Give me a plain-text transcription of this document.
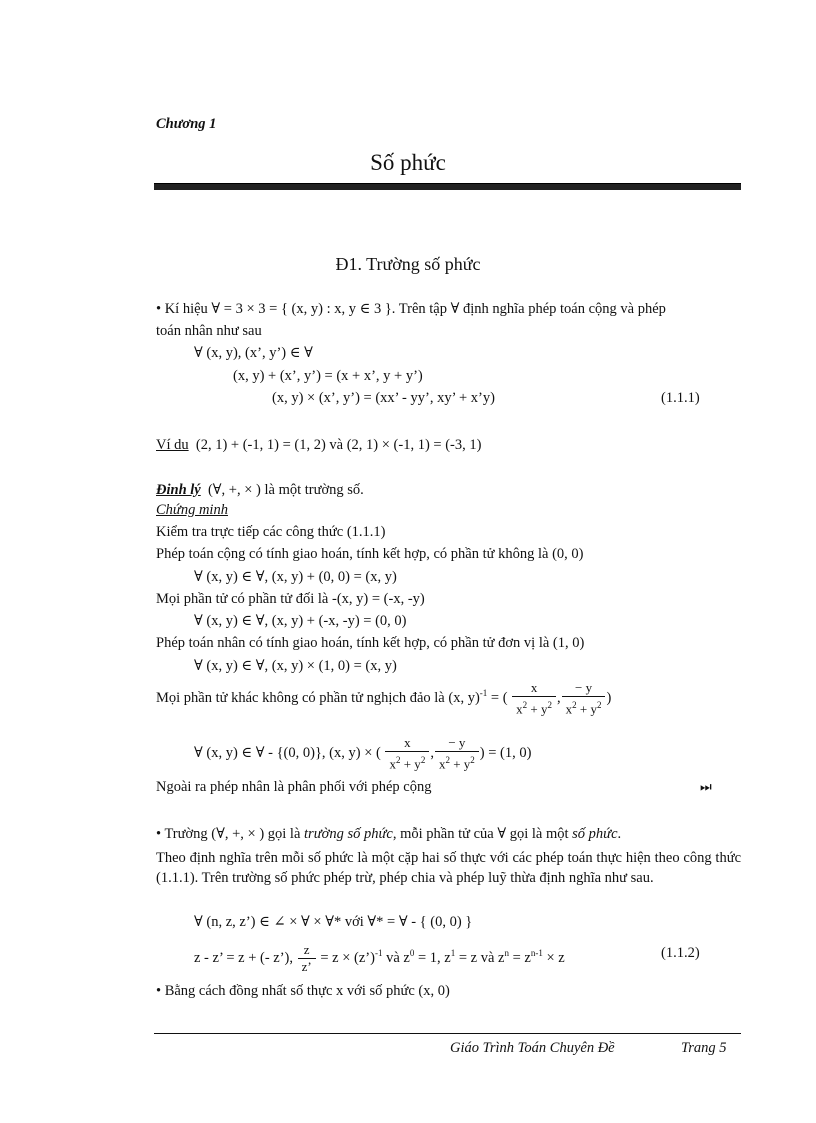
Chương 1
Số phức
Đ1. Trường số phức
• Kí hiệu ∀ = 3 × 3 = { (x, y) : x, y ∈ 3 }. Trên tập ∀ định nghĩa phép toán cộng và phép
toán nhân như sau
∀ (x, y), (x’, y’) ∈ ∀
(x, y) + (x’, y’) = (x + x’, y + y’)
(x, y) × (x’, y’) = (xx’ - yy’, xy’ + x’y)	(1.1.1)
Ví du (2, 1) + (-1, 1) = (1, 2) và (2, 1) × (-1, 1) = (-3, 1)
Đinh lý (∀, +, × ) là một trường số.
Chứng minh
Kiểm tra trực tiếp các công thức (1.1.1)
Phép toán cộng có tính giao hoán, tính kết hợp, có phần tử không là (0, 0)
∀ (x, y) ∈ ∀, (x, y) + (0, 0) = (x, y)
Mọi phần tử có phần tử đối là -(x, y) = (-x, -y)
∀ (x, y) ∈ ∀, (x, y) + (-x, -y) = (0, 0)
Phép toán nhân có tính giao hoán, tính kết hợp, có phần tử đơn vị là (1, 0)
∀ (x, y) ∈ ∀, (x, y) × (1, 0) = (x, y)
Mọi phần tử khác không có phần tử nghịch đảo là (x, y)$^{-1}$ = ( $\frac{x}{x^2 + y^2}$ , $\frac{- y}{x^2 + y^2}$ )
∀ (x, y) ∈ ∀ - {(0, 0)}, (x, y) × ( $\frac{x}{x^2 + y^2}$ , $\frac{- y}{x^2 + y^2}$ ) = (1, 0)
Ngoài ra phép nhân là phân phối với phép cộng	⏭
• Trường (∀, +, × ) gọi là trường số phức, mỗi phần tử của ∀ gọi là một số phức.
Theo định nghĩa trên mỗi số phức là một cặp hai số thực với các phép toán thực hiện theo công thức (1.1.1). Trên trường số phức phép trừ, phép chia và phép luỹ thừa định nghĩa như sau.
∀ (n, z, z’) ∈ ∠ × ∀ × ∀* với ∀* = ∀ - { (0, 0) }
z - z’ = z + (- z’), $\frac{z}{z’} = z$ × (z’)$^{-1}$ và $z^0 = 1$, $z^1 = z$ và $z^n = z^{n-1} \times z$	(1.1.2)
• Bằng cách đồng nhất số thực x với số phức (x, 0)
Giáo Trình Toán Chuyên Đề	Trang 5
